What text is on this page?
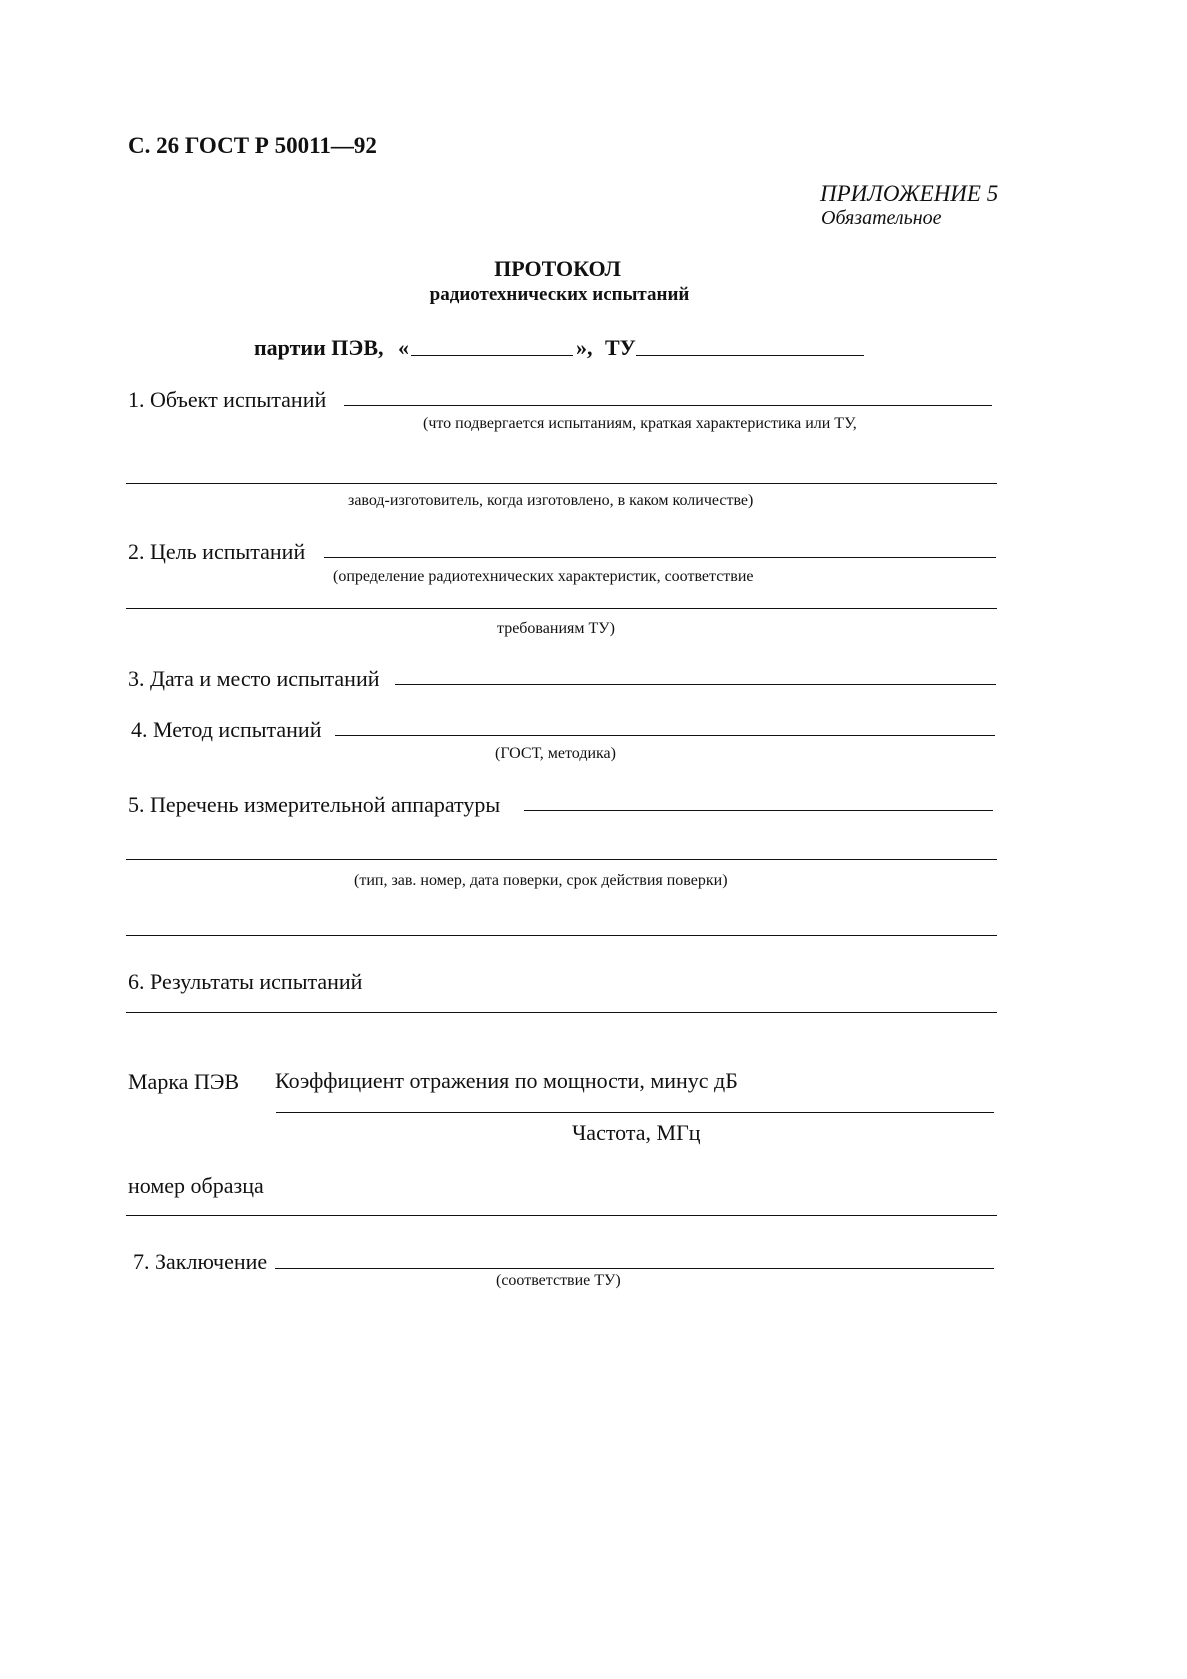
С. 26 ГОСТ Р 50011—92
ПРИЛОЖЕНИЕ 5
Обязательное
ПРОТОКОЛ
радиотехнических испытаний
партии ПЭВ, «	», ТУ
1. Объект испытаний
(что подвергается испытаниям, краткая характеристика или ТУ,
завод-изготовитель, когда изготовлено, в каком количестве)
2. Цель испытаний
(определение радиотехнических характеристик, соответствие
требованиям ТУ)
3. Дата и место испытаний
4. Метод испытаний
(ГОСТ, методика)
5. Перечень измерительной аппаратуры
(тип, зав. номер, дата поверки, срок действия поверки)
6. Результаты испытаний
Марка ПЭВ Коэффициент отражения по мощности, минус дБ
Частота, МГц
номер образца
7. Заключение
(соответствие ТУ)
